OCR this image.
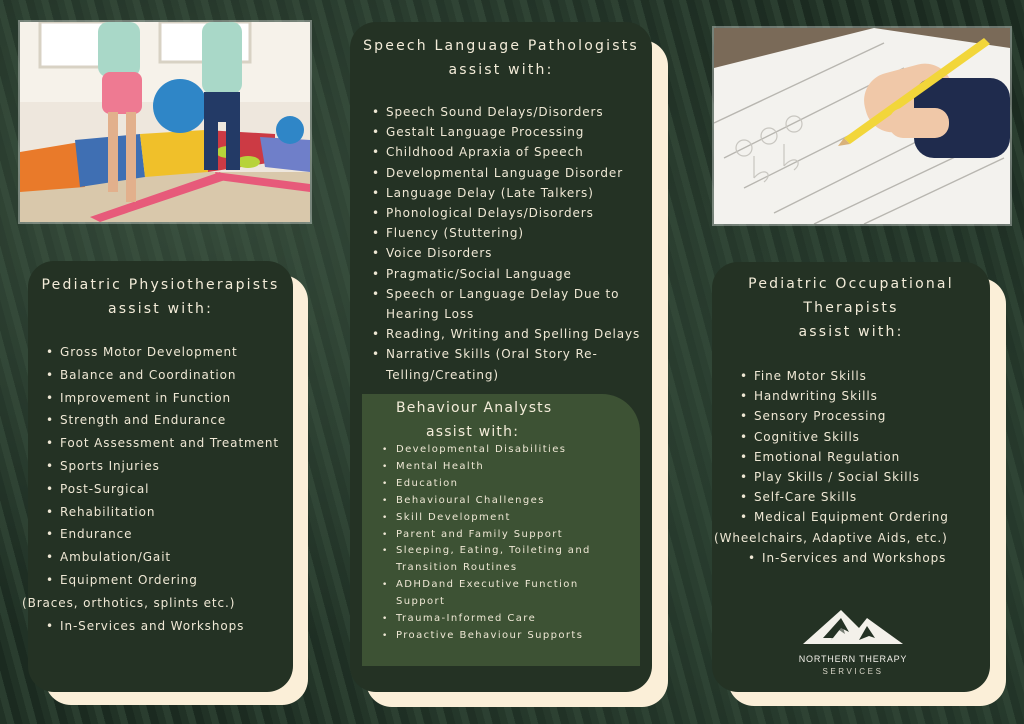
Pediatric Physiotherapists
assist with:
• Gross Motor Development
• Balance and Coordination
• Improvement in Function
• Strength and Endurance
• Foot Assessment and Treatment
• Sports Injuries
• Post-Surgical
• Rehabilitation
• Endurance
• Ambulation/Gait
• Equipment Ordering
(Braces, orthotics, splints etc.)
• In-Services and Workshops
Speech Language Pathologists
assist with:
• Speech Sound Delays/Disorders
• Gestalt Language Processing
• Childhood Apraxia of Speech
• Developmental Language Disorder
• Language Delay (Late Talkers)
• Phonological Delays/Disorders
• Fluency (Stuttering)
• Voice Disorders
• Pragmatic/Social Language
• Speech or Language Delay Due to
Hearing Loss
• Reading, Writing and Spelling Delays
• Narrative Skills (Oral Story Re-
Telling/Creating)
Behaviour Analysts
assist with:
• Developmental Disabilities
• Mental Health
• Education
• Behavioural Challenges
• Skill Development
• Parent and Family Support
• Sleeping, Eating, Toileting and
Transition Routines
• ADHDand Executive Function
Support
• Trauma-Informed Care
• Proactive Behaviour Supports
Pediatric Occupational
Therapists
assist with:
• Fine Motor Skills
• Handwriting Skills
• Sensory Processing
• Cognitive Skills
• Emotional Regulation
• Play Skills / Social Skills
• Self-Care Skills
• Medical Equipment Ordering
(Wheelchairs, Adaptive Aids, etc.)
• In-Services and Workshops
NORTHERN THERAPY
SERVICES
